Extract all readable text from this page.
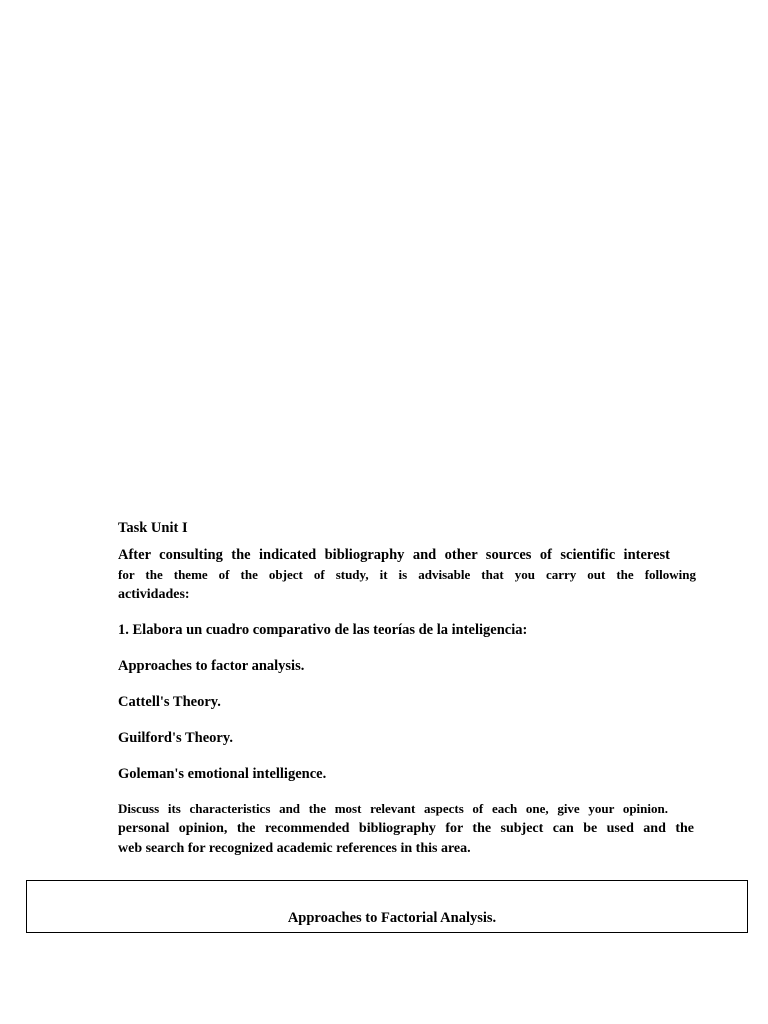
Task Unit I

After consulting the indicated bibliography and other sources of scientific interest
for the theme of the object of study, it is advisable that you carry out the following
actividades:
1. Elabora un cuadro comparativo de las teorías de la inteligencia:
Approaches to factor analysis.
Cattell's Theory.
Guilford's Theory.
Goleman's emotional intelligence.
Discuss its characteristics and the most relevant aspects of each one, give your opinion.
personal opinion, the recommended bibliography for the subject can be used and the
web search for recognized academic references in this area.
Approaches to Factorial Analysis.
